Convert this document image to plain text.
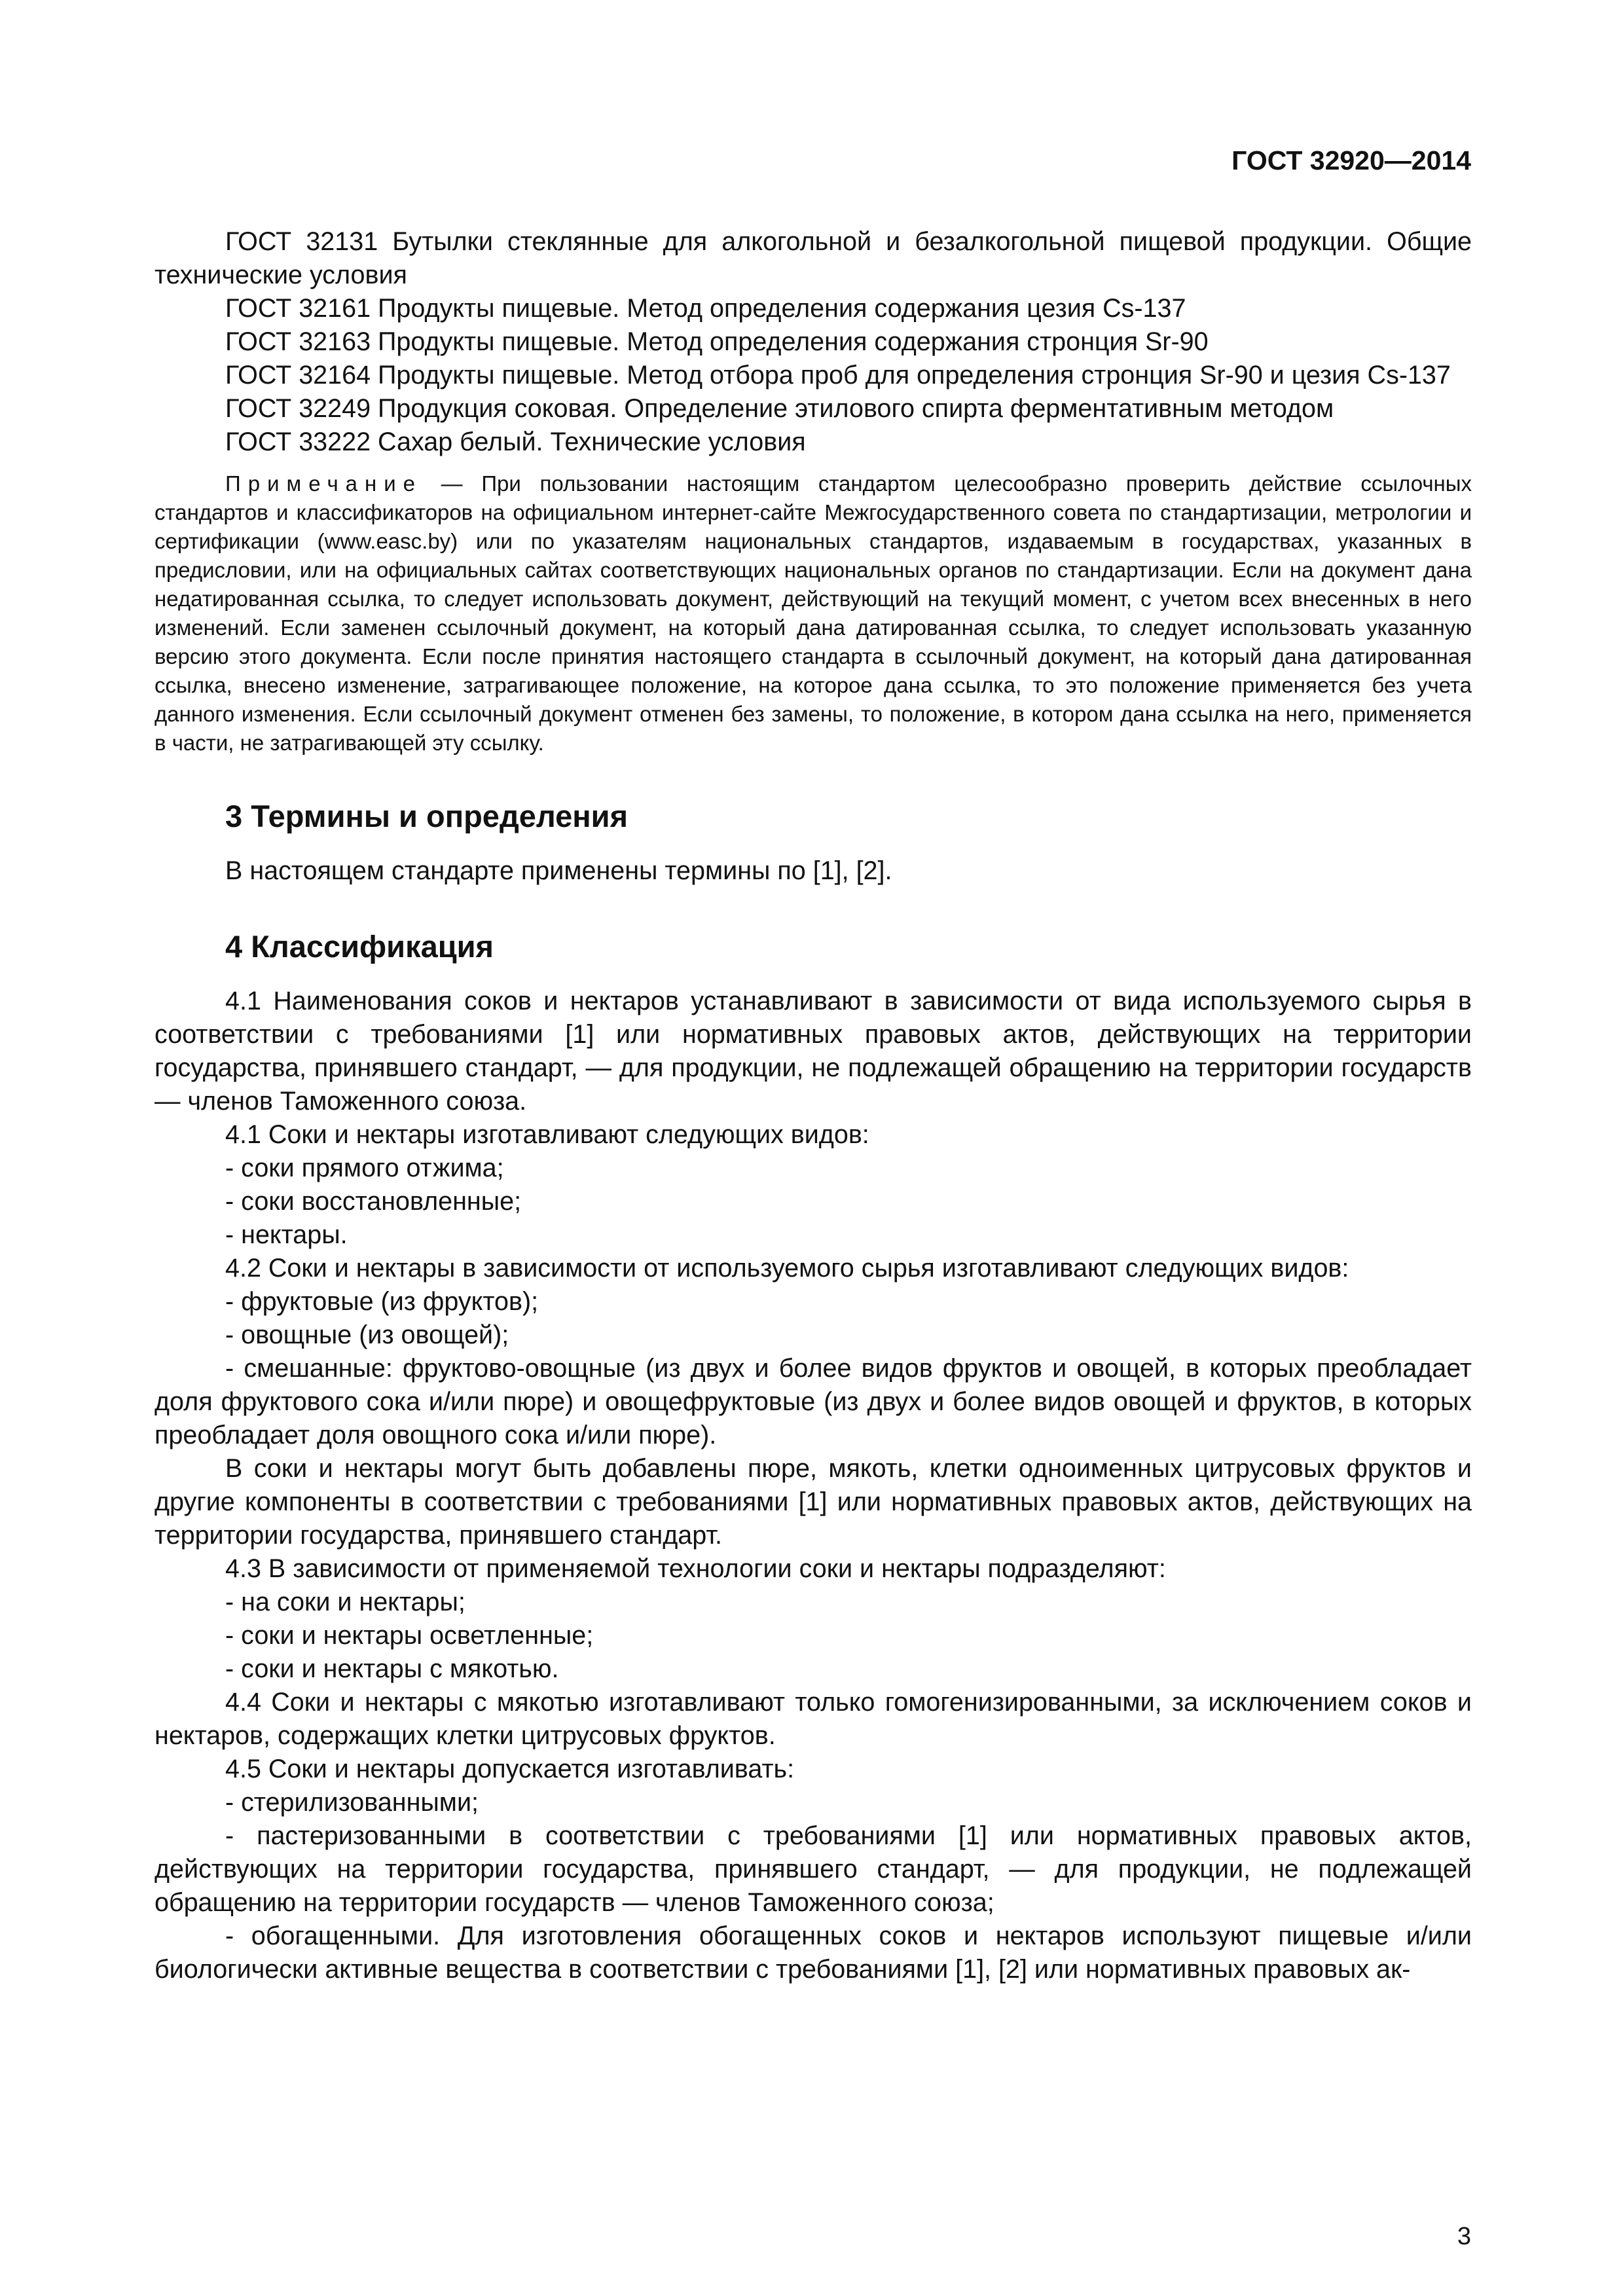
ГОСТ 32920—2014

ГОСТ 32131 Бутылки стеклянные для алкогольной и безалкогольной пищевой продукции. Общие технические условия

ГОСТ 32161 Продукты пищевые. Метод определения содержания цезия Cs-137

ГОСТ 32163 Продукты пищевые. Метод определения содержания стронция Sr-90

ГОСТ 32164 Продукты пищевые. Метод отбора проб для определения стронция Sr-90 и цезия Cs-137

ГОСТ 32249 Продукция соковая. Определение этилового спирта ферментативным методом

ГОСТ 33222 Сахар белый. Технические условия

Примечание — При пользовании настоящим стандартом целесообразно проверить действие ссылочных стандартов и классификаторов на официальном интернет-сайте Межгосударственного совета по стандартизации, метрологии и сертификации (www.easc.by) или по указателям национальных стандартов, издаваемым в государствах, указанных в предисловии, или на официальных сайтах соответствующих национальных органов по стандартизации. Если на документ дана недатированная ссылка, то следует использовать документ, действующий на текущий момент, с учетом всех внесенных в него изменений. Если заменен ссылочный документ, на который дана датированная ссылка, то следует использовать указанную версию этого документа. Если после принятия настоящего стандарта в ссылочный документ, на который дана датированная ссылка, внесено изменение, затрагивающее положение, на которое дана ссылка, то это положение применяется без учета данного изменения. Если ссылочный документ отменен без замены, то положение, в котором дана ссылка на него, применяется в части, не затрагивающей эту ссылку.

3 Термины и определения

В настоящем стандарте применены термины по [1], [2].

4 Классификация

4.1 Наименования соков и нектаров устанавливают в зависимости от вида используемого сырья в соответствии с требованиями [1] или нормативных правовых актов, действующих на территории государства, принявшего стандарт, — для продукции, не подлежащей обращению на территории государств — членов Таможенного союза.

4.1 Соки и нектары изготавливают следующих видов:

- соки прямого отжима;

- соки восстановленные;

- нектары.

4.2 Соки и нектары в зависимости от используемого сырья изготавливают следующих видов:

- фруктовые (из фруктов);

- овощные (из овощей);

- смешанные: фруктово-овощные (из двух и более видов фруктов и овощей, в которых преобладает доля фруктового сока и/или пюре) и овощефруктовые (из двух и более видов овощей и фруктов, в которых преобладает доля овощного сока и/или пюре).

В соки и нектары могут быть добавлены пюре, мякоть, клетки одноименных цитрусовых фруктов и другие компоненты в соответствии с требованиями [1] или нормативных правовых актов, действующих на территории государства, принявшего стандарт.

4.3 В зависимости от применяемой технологии соки и нектары подразделяют:

- на соки и нектары;

- соки и нектары осветленные;

- соки и нектары с мякотью.

4.4 Соки и нектары с мякотью изготавливают только гомогенизированными, за исключением соков и нектаров, содержащих клетки цитрусовых фруктов.

4.5 Соки и нектары допускается изготавливать:

- стерилизованными;

- пастеризованными в соответствии с требованиями [1] или нормативных правовых актов, действующих на территории государства, принявшего стандарт, — для продукции, не подлежащей обращению на территории государств — членов Таможенного союза;

- обогащенными. Для изготовления обогащенных соков и нектаров используют пищевые и/или биологически активные вещества в соответствии с требованиями [1], [2] или нормативных правовых ак-

3
